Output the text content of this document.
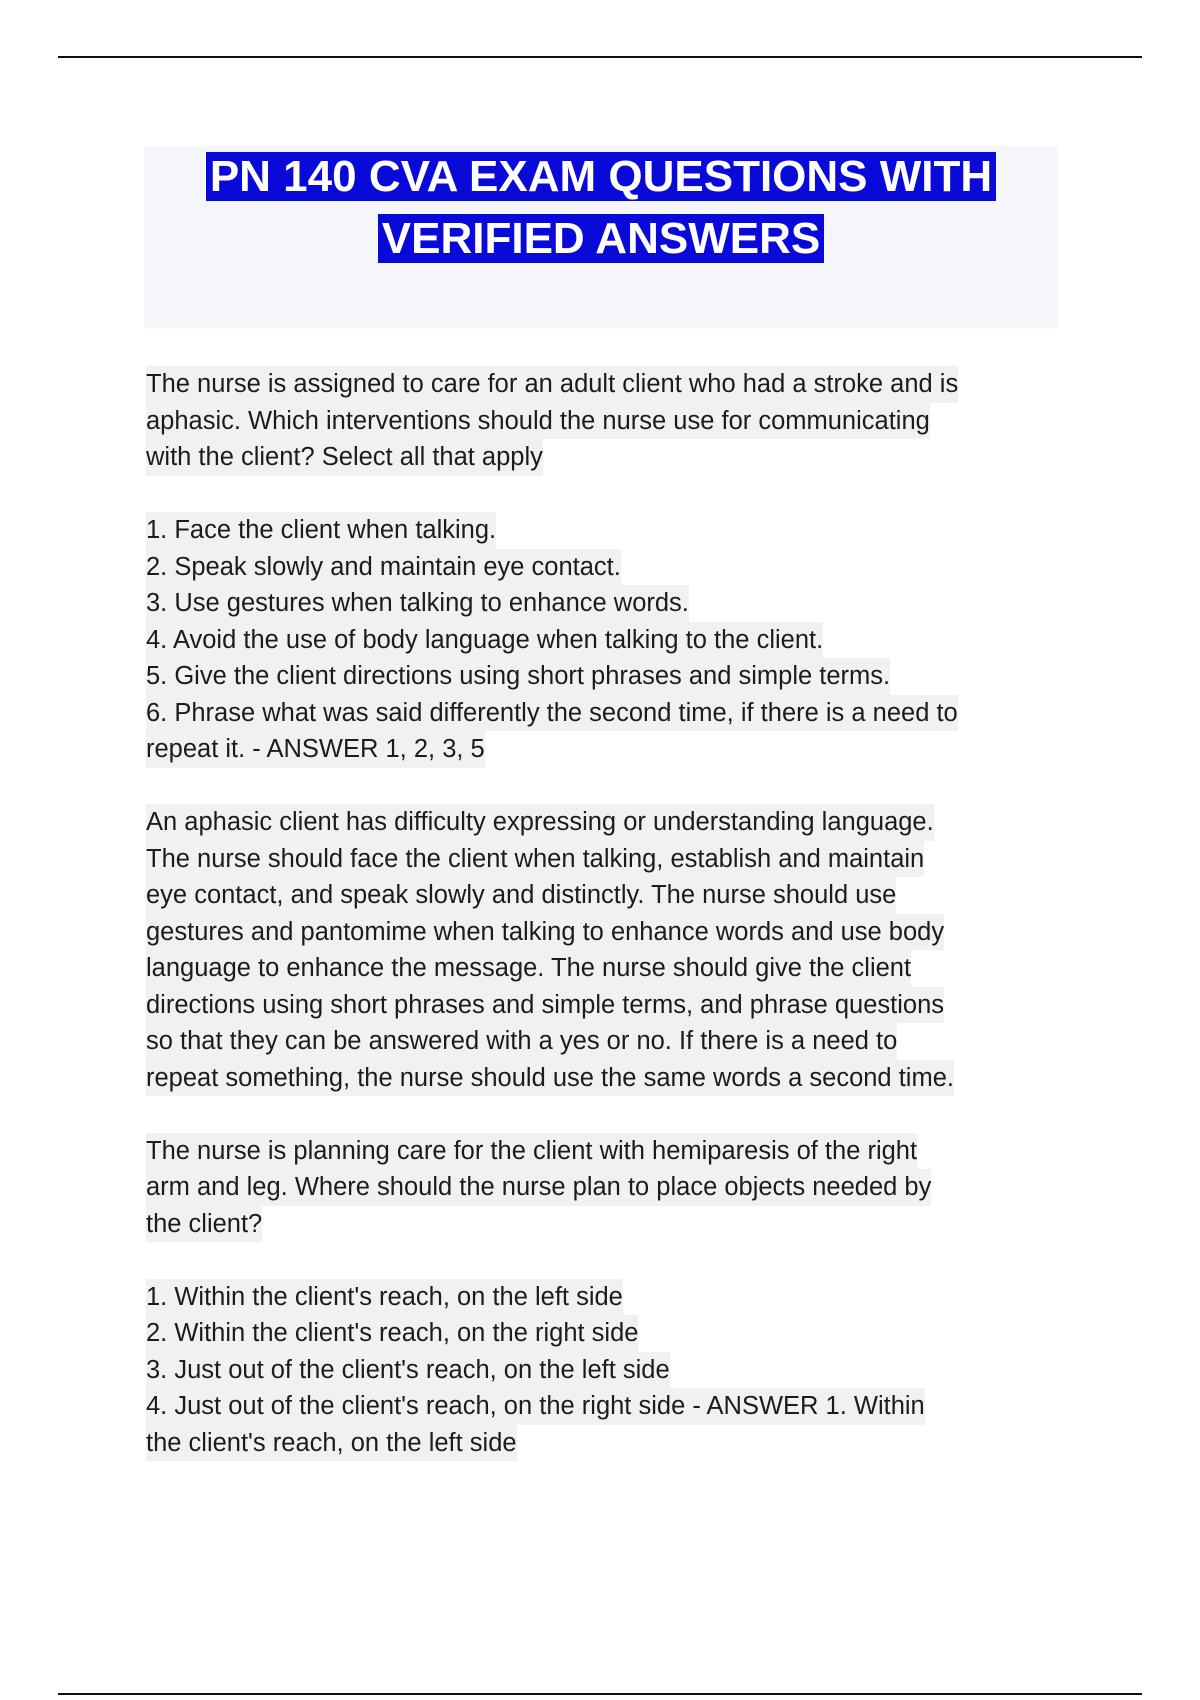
PN 140 CVA EXAM QUESTIONS WITH
VERIFIED ANSWERS

The nurse is assigned to care for an adult client who had a stroke and is
aphasic. Which interventions should the nurse use for communicating
with the client? Select all that apply

1. Face the client when talking.
2. Speak slowly and maintain eye contact.
3. Use gestures when talking to enhance words.
4. Avoid the use of body language when talking to the client.
5. Give the client directions using short phrases and simple terms.
6. Phrase what was said differently the second time, if there is a need to
repeat it. - ANSWER 1, 2, 3, 5

An aphasic client has difficulty expressing or understanding language.
The nurse should face the client when talking, establish and maintain
eye contact, and speak slowly and distinctly. The nurse should use
gestures and pantomime when talking to enhance words and use body
language to enhance the message. The nurse should give the client
directions using short phrases and simple terms, and phrase questions
so that they can be answered with a yes or no. If there is a need to
repeat something, the nurse should use the same words a second time.

The nurse is planning care for the client with hemiparesis of the right
arm and leg. Where should the nurse plan to place objects needed by
the client?

1. Within the client's reach, on the left side
2. Within the client's reach, on the right side
3. Just out of the client's reach, on the left side
4. Just out of the client's reach, on the right side - ANSWER 1. Within
the client's reach, on the left side
